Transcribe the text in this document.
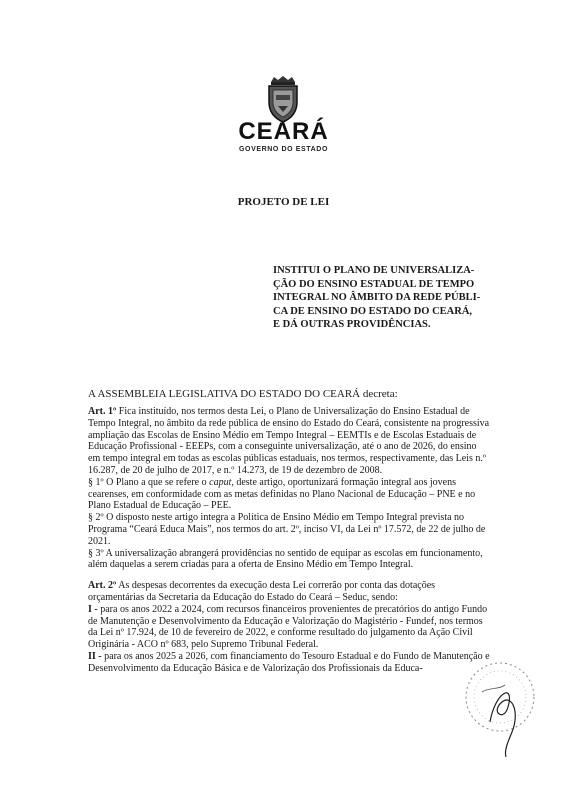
CEARÁ
GOVERNO DO ESTADO
PROJETO DE LEI
INSTITUI O PLANO DE UNIVERSALIZA-
ÇÃO DO ENSINO ESTADUAL DE TEMPO
INTEGRAL NO ÂMBITO DA REDE PÚBLI-
CA DE ENSINO DO ESTADO DO CEARÁ,
E DÁ OUTRAS PROVIDÊNCIAS.
A ASSEMBLEIA LEGISLATIVA DO ESTADO DO CEARÁ decreta:

Art. 1º Fica instituído, nos termos desta Lei, o Plano de Universalização do Ensino Estadual de Tempo Integral, no âmbito da rede pública de ensino do Estado do Ceará, consistente na progressiva ampliação das Escolas de Ensino Médio em Tempo Integral – EEMTIs e de Escolas Estaduais de Educação Profissional - EEEPs, com a conseguinte universalização, até o ano de 2026, do ensino em tempo integral em todas as escolas públicas estaduais, nos termos, respectivamente, das Leis n.º 16.287, de 20 de julho de 2017, e n.º 14.273, de 19 de dezembro de 2008.

§ 1º O Plano a que se refere o caput, deste artigo, oportunizará formação integral aos jovens cearenses, em conformidade com as metas definidas no Plano Nacional de Educação – PNE e no Plano Estadual de Educação – PEE.

§ 2º O disposto neste artigo integra a Política de Ensino Médio em Tempo Integral prevista no Programa “Ceará Educa Mais”, nos termos do art. 2º, inciso VI, da Lei nº 17.572, de 22 de julho de 2021.

§ 3º A universalização abrangerá providências no sentido de equipar as escolas em funcionamento, além daquelas a serem criadas para a oferta de Ensino Médio em Tempo Integral.

Art. 2º As despesas decorrentes da execução desta Lei correrão por conta das dotações orçamentárias da Secretaria da Educação do Estado do Ceará – Seduc, sendo:

I - para os anos 2022 a 2024, com recursos financeiros provenientes de precatórios do antigo Fundo de Manutenção e Desenvolvimento da Educação e Valorização do Magistério - Fundef, nos termos da Lei nº 17.924, de 10 de fevereiro de 2022, e conforme resultado do julgamento da Ação Civil Originária - ACO nº 683, pelo Supremo Tribunal Federal.

II - para os anos 2025 a 2026, com financiamento do Tesouro Estadual e do Fundo de Manutenção e Desenvolvimento da Educação Básica e de Valorização dos Profissionais da Educa-
